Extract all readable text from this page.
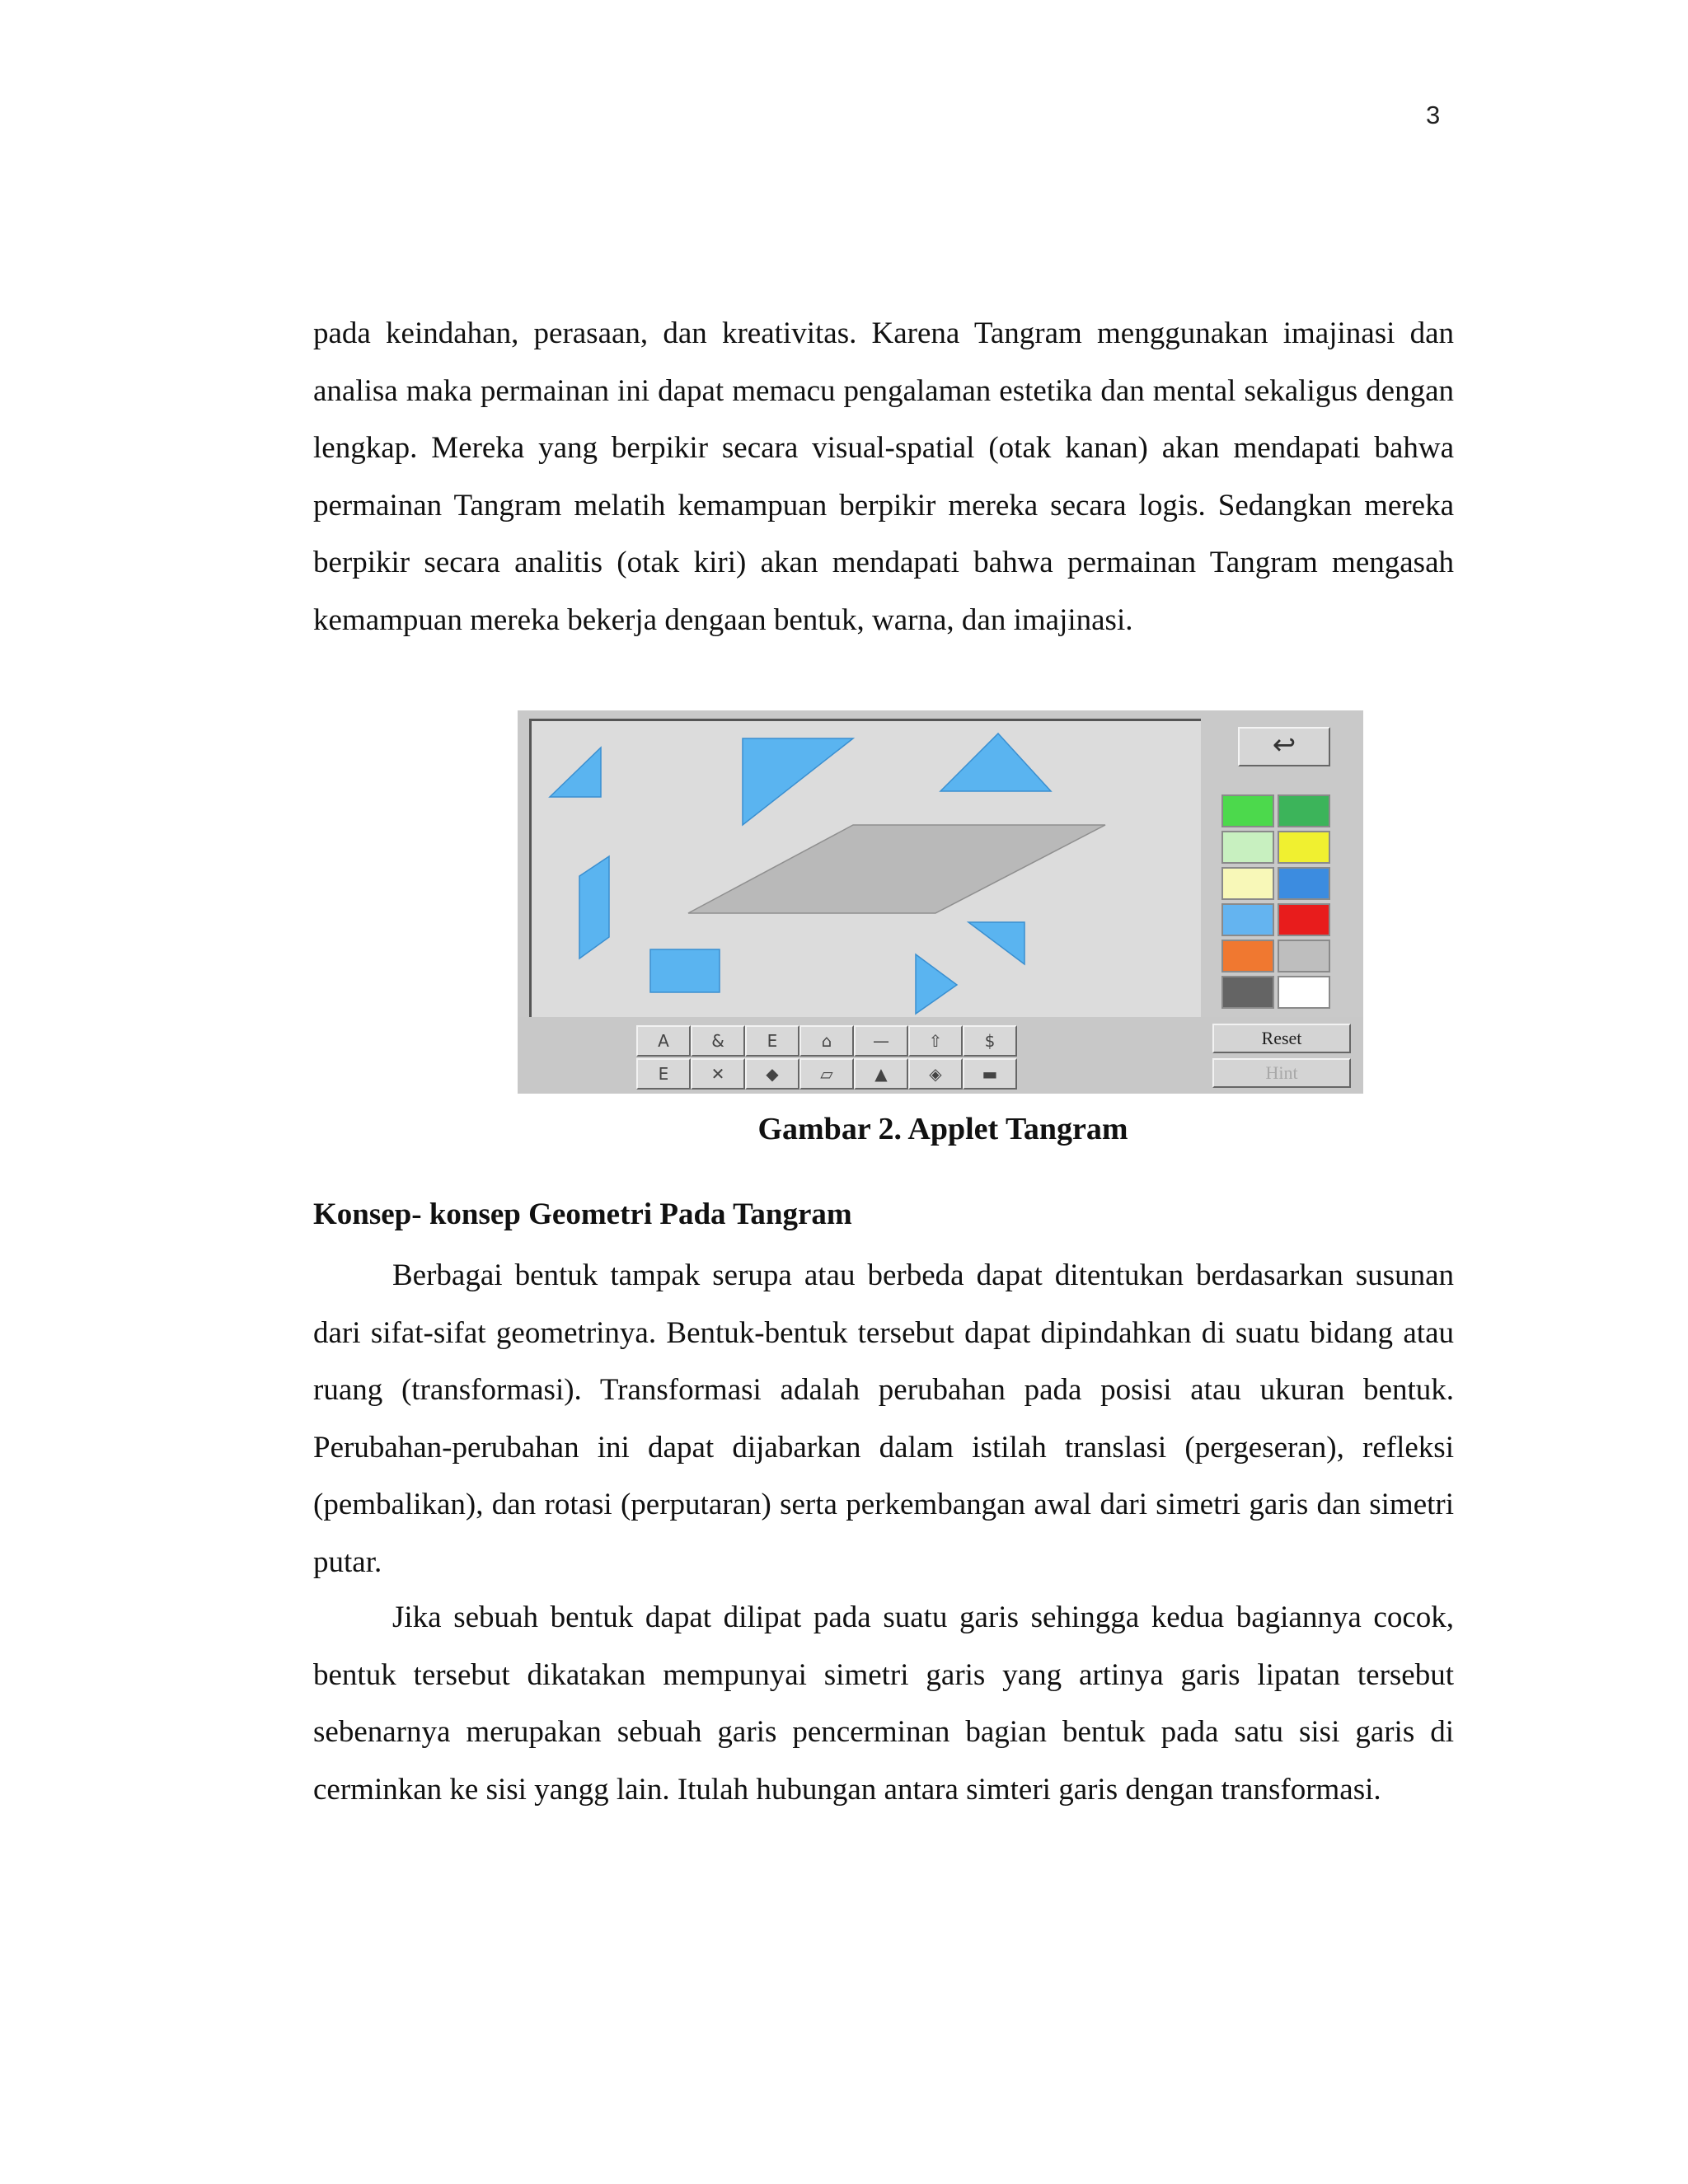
3

pada keindahan, perasaan, dan kreativitas. Karena Tangram menggunakan imajinasi dan analisa maka permainan ini dapat memacu pengalaman estetika dan mental sekaligus dengan lengkap. Mereka yang berpikir secara visual-spatial (otak kanan) akan mendapati bahwa permainan Tangram melatih kemampuan berpikir mereka secara logis. Sedangkan mereka berpikir secara analitis (otak kiri) akan mendapati bahwa permainan Tangram mengasah kemampuan mereka bekerja dengaan bentuk, warna, dan imajinasi.

↩
Reset
Hint
A	&	E	⌂	—	⇧	$
E	✕	◆	▱	▲	◈	▬
Gambar 2. Applet Tangram
Konsep- konsep Geometri Pada Tangram

Berbagai bentuk tampak serupa atau berbeda dapat ditentukan berdasarkan susunan dari sifat-sifat geometrinya. Bentuk-bentuk tersebut dapat dipindahkan di suatu bidang atau ruang (transformasi). Transformasi adalah perubahan pada posisi atau ukuran bentuk. Perubahan-perubahan ini dapat dijabarkan dalam istilah translasi (pergeseran), refleksi (pembalikan), dan rotasi (perputaran) serta perkembangan awal dari simetri garis dan simetri putar.

Jika sebuah bentuk dapat dilipat pada suatu garis sehingga kedua bagiannya cocok, bentuk tersebut dikatakan mempunyai simetri garis yang artinya garis lipatan tersebut sebenarnya merupakan sebuah garis pencerminan bagian bentuk pada satu sisi garis di cerminkan ke sisi yangg lain. Itulah hubungan antara simteri garis dengan transformasi.
